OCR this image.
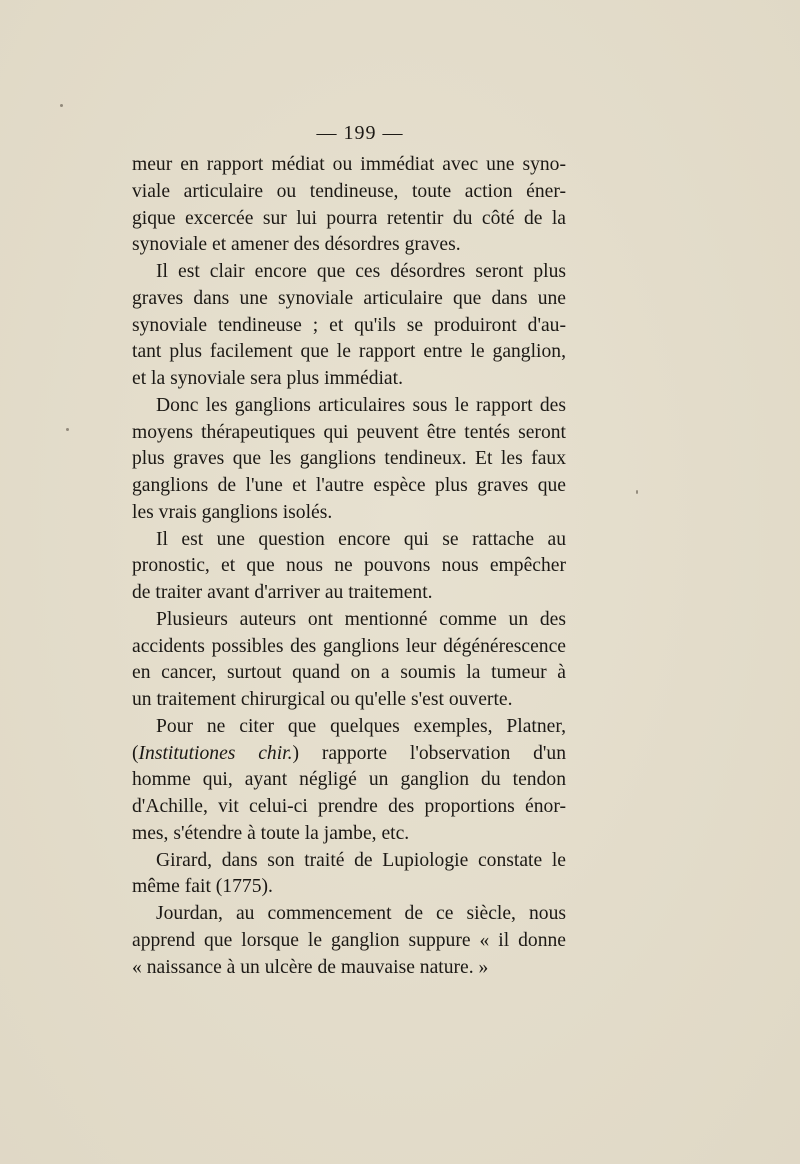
— 199 —
meur en rapport médiat ou immédiat avec une syno-
viale articulaire ou tendineuse, toute action éner-
gique excercée sur lui pourra retentir du côté de la
synoviale et amener des désordres graves.
Il est clair encore que ces désordres seront plus
graves dans une synoviale articulaire que dans une
synoviale tendineuse ; et qu'ils se produiront d'au-
tant plus facilement que le rapport entre le ganglion,
et la synoviale sera plus immédiat.
Donc les ganglions articulaires sous le rapport des
moyens thérapeutiques qui peuvent être tentés seront
plus graves que les ganglions tendineux. Et les faux
ganglions de l'une et l'autre espèce plus graves que
les vrais ganglions isolés.
Il est une question encore qui se rattache au
pronostic, et que nous ne pouvons nous empêcher
de traiter avant d'arriver au traitement.
Plusieurs auteurs ont mentionné comme un des
accidents possibles des ganglions leur dégénérescence
en cancer, surtout quand on a soumis la tumeur à
un traitement chirurgical ou qu'elle s'est ouverte.
Pour ne citer que quelques exemples, Platner,
(Institutiones chir.) rapporte l'observation d'un
homme qui, ayant négligé un ganglion du tendon
d'Achille, vit celui-ci prendre des proportions énor-
mes, s'étendre à toute la jambe, etc.
Girard, dans son traité de Lupiologie constate le
même fait (1775).
Jourdan, au commencement de ce siècle, nous
apprend que lorsque le ganglion suppure « il donne
« naissance à un ulcère de mauvaise nature. »
